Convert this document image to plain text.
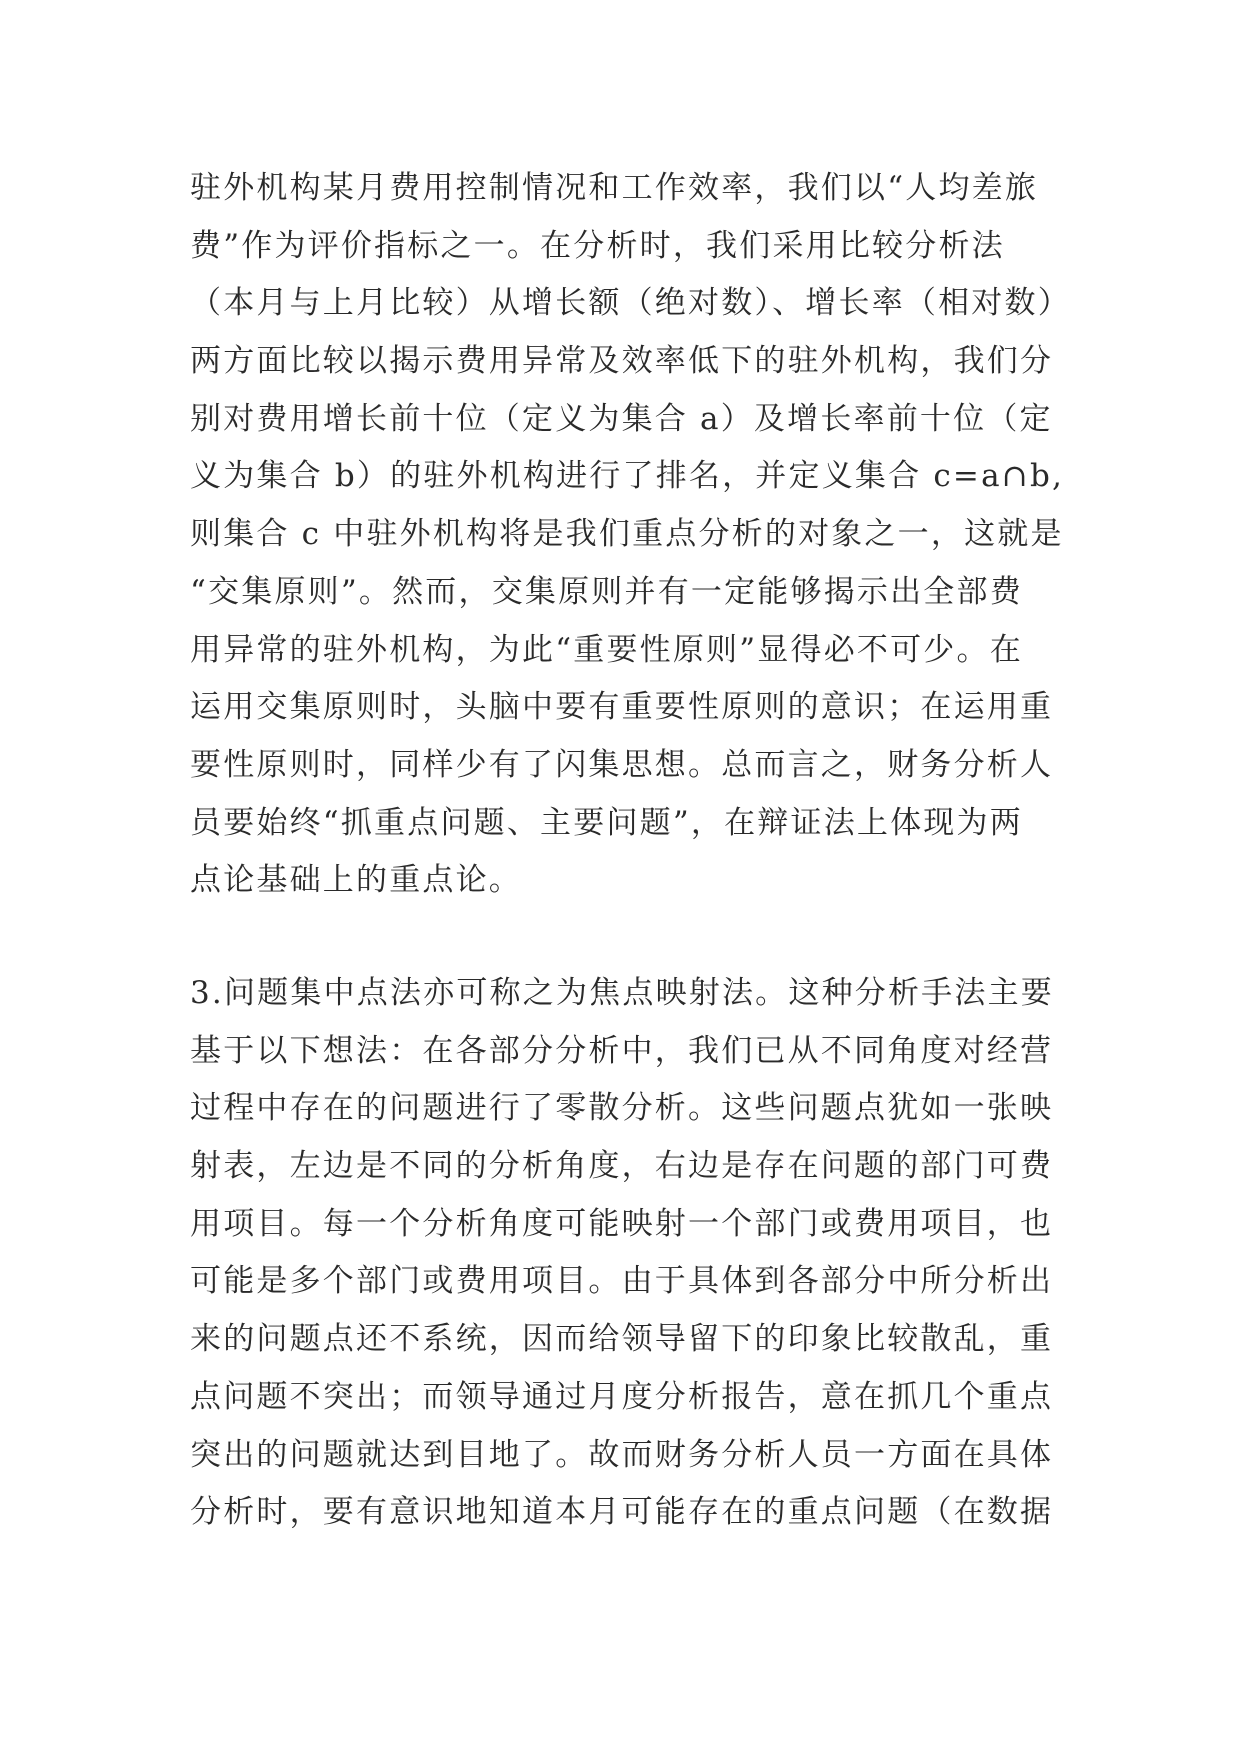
驻外机构某月费用控制情况和工作效率，我们以“人均差旅
费”作为评价指标之一。在分析时，我们采用比较分析法
（本月与上月比较）从增长额（绝对数）、增长率（相对数）
两方面比较以揭示费用异常及效率低下的驻外机构，我们分
别对费用增长前十位（定义为集合 a）及增长率前十位（定
义为集合 b）的驻外机构进行了排名，并定义集合 c=a∩b,
则集合 c 中驻外机构将是我们重点分析的对象之一，这就是
“交集原则”。然而，交集原则并有一定能够揭示出全部费
用异常的驻外机构，为此“重要性原则”显得必不可少。在
运用交集原则时，头脑中要有重要性原则的意识；在运用重
要性原则时，同样少有了闪集思想。总而言之，财务分析人
员要始终“抓重点问题、主要问题”，在辩证法上体现为两
点论基础上的重点论。
3.问题集中点法亦可称之为焦点映射法。这种分析手法主要
基于以下想法：在各部分分析中，我们已从不同角度对经营
过程中存在的问题进行了零散分析。这些问题点犹如一张映
射表，左边是不同的分析角度，右边是存在问题的部门可费
用项目。每一个分析角度可能映射一个部门或费用项目，也
可能是多个部门或费用项目。由于具体到各部分中所分析出
来的问题点还不系统，因而给领导留下的印象比较散乱，重
点问题不突出；而领导通过月度分析报告，意在抓几个重点
突出的问题就达到目地了。故而财务分析人员一方面在具体
分析时，要有意识地知道本月可能存在的重点问题（在数据
